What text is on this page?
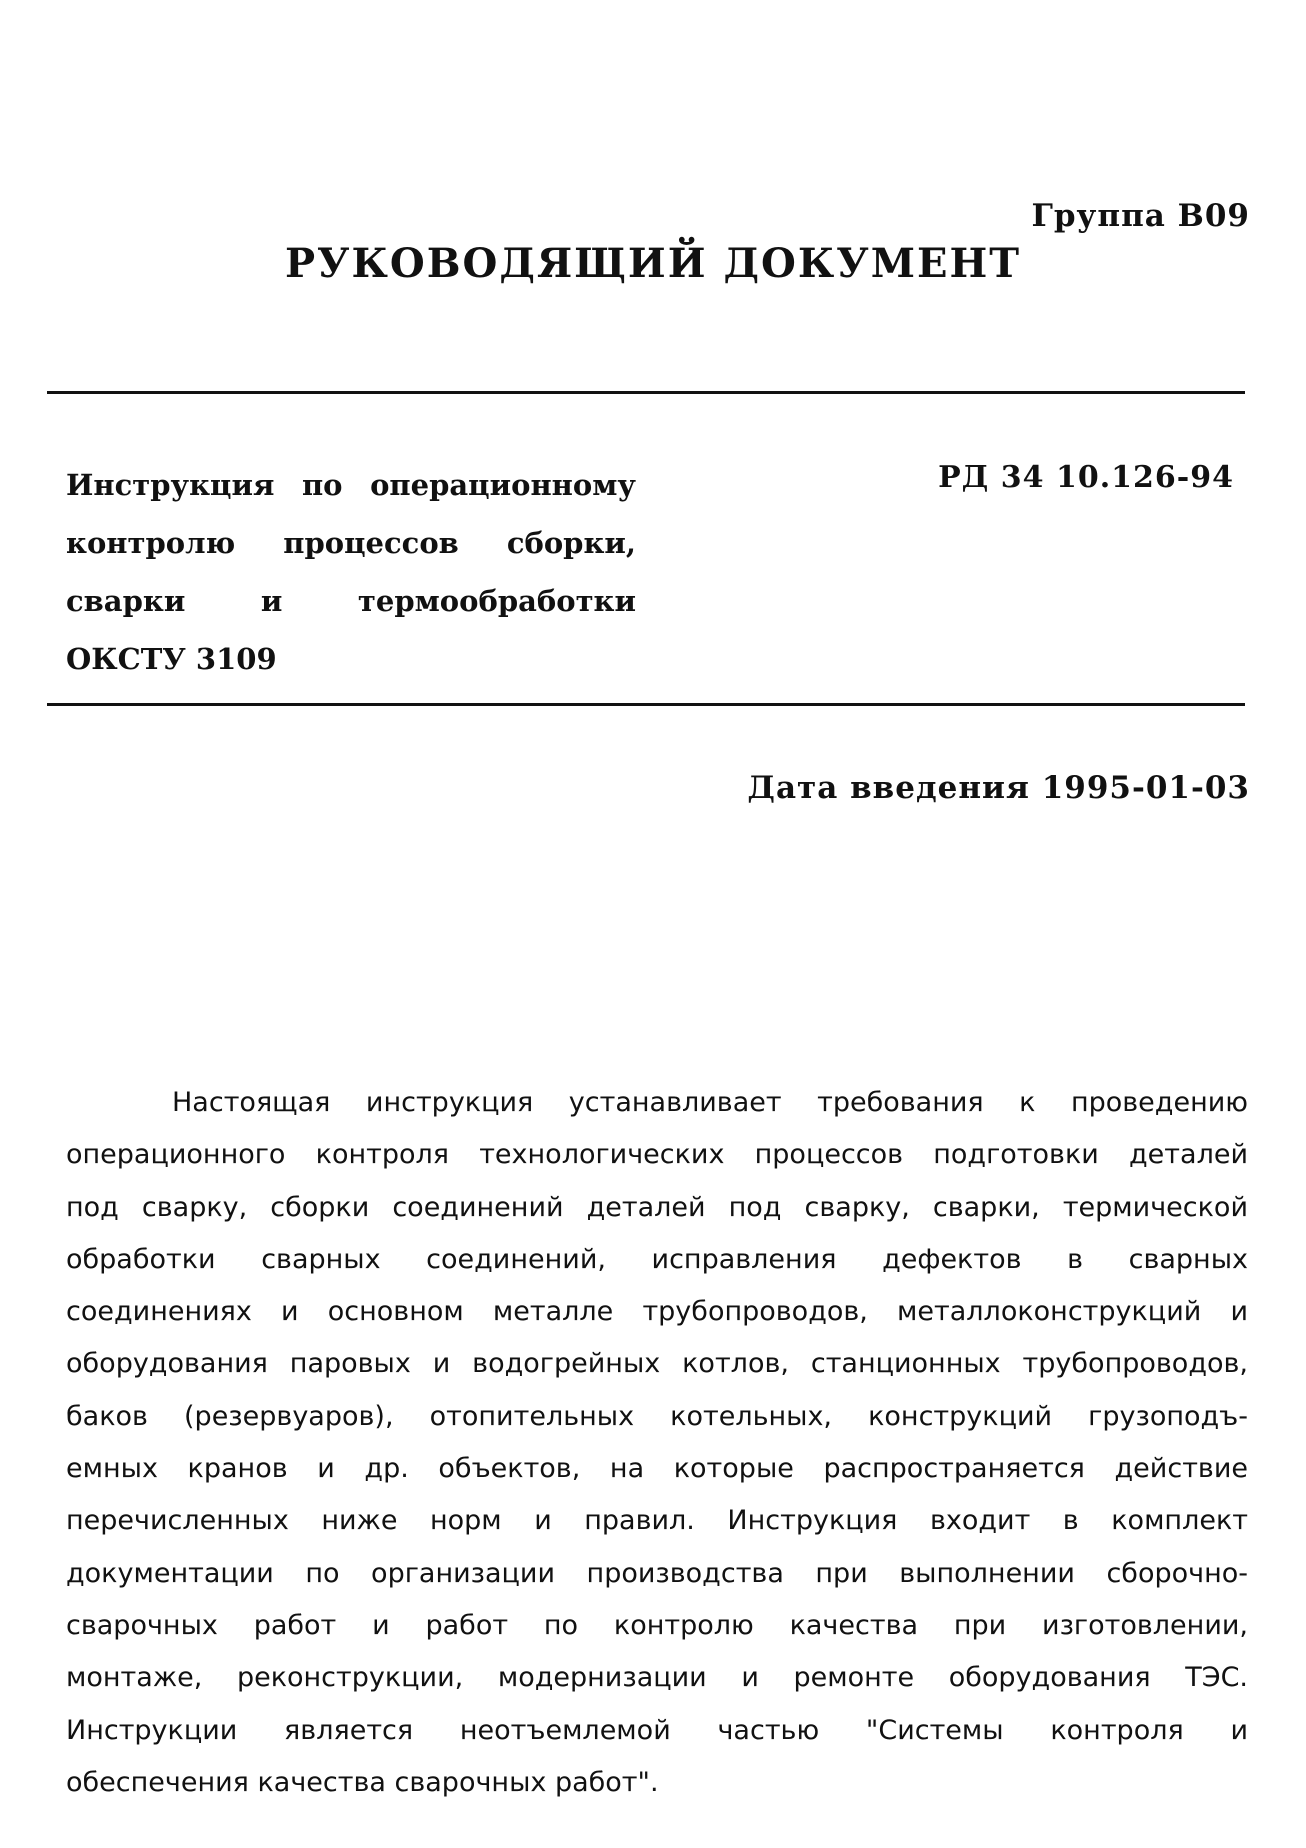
Группа В09
РУКОВОДЯЩИЙ ДОКУМЕНТ
Инструкция по операционному
контролю процессов сборки,
сварки и термообработки
ОКСТУ 3109
РД 34 10.126-94
Дата введения 1995-01-03
Настоящая инструкция устанавливает требования к проведению
операционного контроля технологических процессов подготовки деталей
под сварку, сборки соединений деталей под сварку, сварки, термической
обработки сварных соединений, исправления дефектов в сварных
соединениях и основном металле трубопроводов, металлоконструкций и
оборудования паровых и водогрейных котлов, станционных трубопроводов,
баков (резервуаров), отопительных котельных, конструкций грузоподъ-
емных кранов и др. объектов, на которые распространяется действие
перечисленных ниже норм и правил. Инструкция входит в комплект
документации по организации производства при выполнении сборочно-
сварочных работ и работ по контролю качества при изготовлении,
монтаже, реконструкции, модернизации и ремонте оборудования ТЭС.
Инструкции является неотъемлемой частью "Системы контроля и
обеспечения качества сварочных работ".
